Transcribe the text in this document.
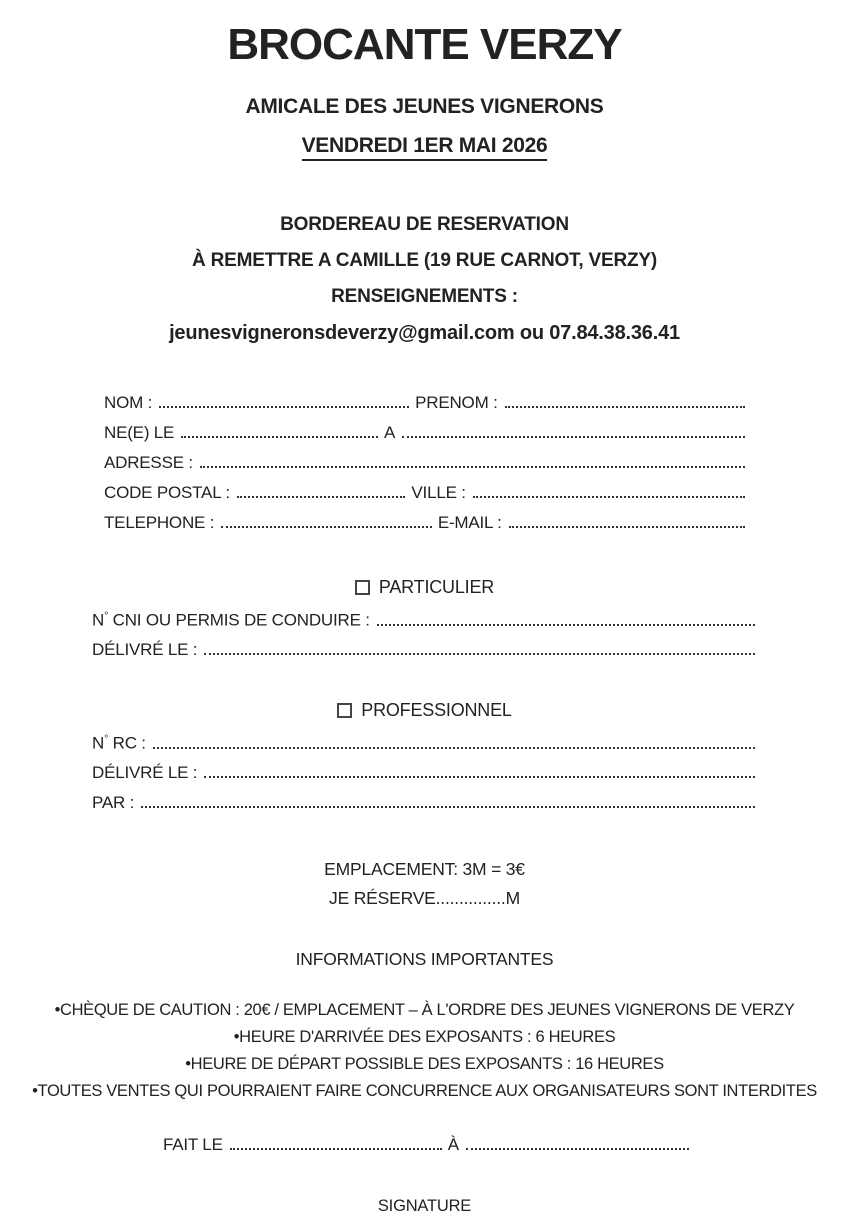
BROCANTE VERZY
AMICALE DES JEUNES VIGNERONS
VENDREDI 1ER MAI 2026
BORDEREAU DE RESERVATION
À REMETTRE A CAMILLE (19 RUE CARNOT, VERZY)
RENSEIGNEMENTS :
jeunesvigneronsdeverzy@gmail.com ou 07.84.38.36.41
NOM :	PRENOM :
NE(E) LE	A
ADRESSE :
CODE POSTAL :	VILLE :
TELEPHONE :	E-MAIL :
PARTICULIER
N° CNI OU PERMIS DE CONDUIRE :
DÉLIVRÉ LE :
PROFESSIONNEL
N° RC :
DÉLIVRÉ LE :
PAR :
EMPLACEMENT: 3M = 3€
JE RÉSERVE...............M
INFORMATIONS IMPORTANTES
•CHÈQUE DE CAUTION : 20€ / EMPLACEMENT – À L'ORDRE DES JEUNES VIGNERONS DE VERZY
•HEURE D'ARRIVÉE DES EXPOSANTS : 6 HEURES
•HEURE DE DÉPART POSSIBLE DES EXPOSANTS : 16 HEURES
•TOUTES VENTES QUI POURRAIENT FAIRE CONCURRENCE AUX ORGANISATEURS SONT INTERDITES
FAIT LE	À
SIGNATURE
